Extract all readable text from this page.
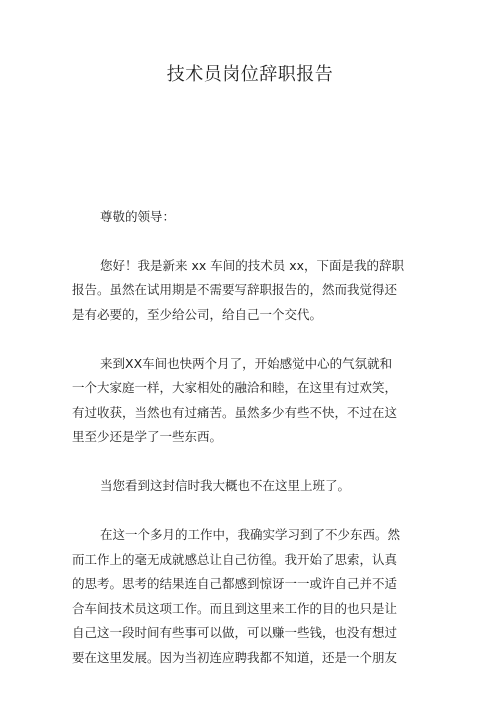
技术员岗位辞职报告

尊敬的领导：

您好！我是新来 xx 车间的技术员 xx，下面是我的辞职
报告。虽然在试用期是不需要写辞职报告的，然而我觉得还
是有必要的，至少给公司，给自己一个交代。

来到XX车间也快两个月了，开始感觉中心的气氛就和
一个大家庭一样，大家相处的融洽和睦，在这里有过欢笑，
有过收获，当然也有过痛苦。虽然多少有些不快，不过在这
里至少还是学了一些东西。

当您看到这封信时我大概也不在这里上班了。

在这一个多月的工作中，我确实学习到了不少东西。然
而工作上的毫无成就感总让自己彷徨。我开始了思索，认真
的思考。思考的结果连自己都感到惊讶一一或许自己并不适
合车间技术员这项工作。而且到这里来工作的目的也只是让
自己这一段时间有些事可以做，可以赚一些钱，也没有想过
要在这里发展。因为当初连应聘我都不知道，还是一个朋友
